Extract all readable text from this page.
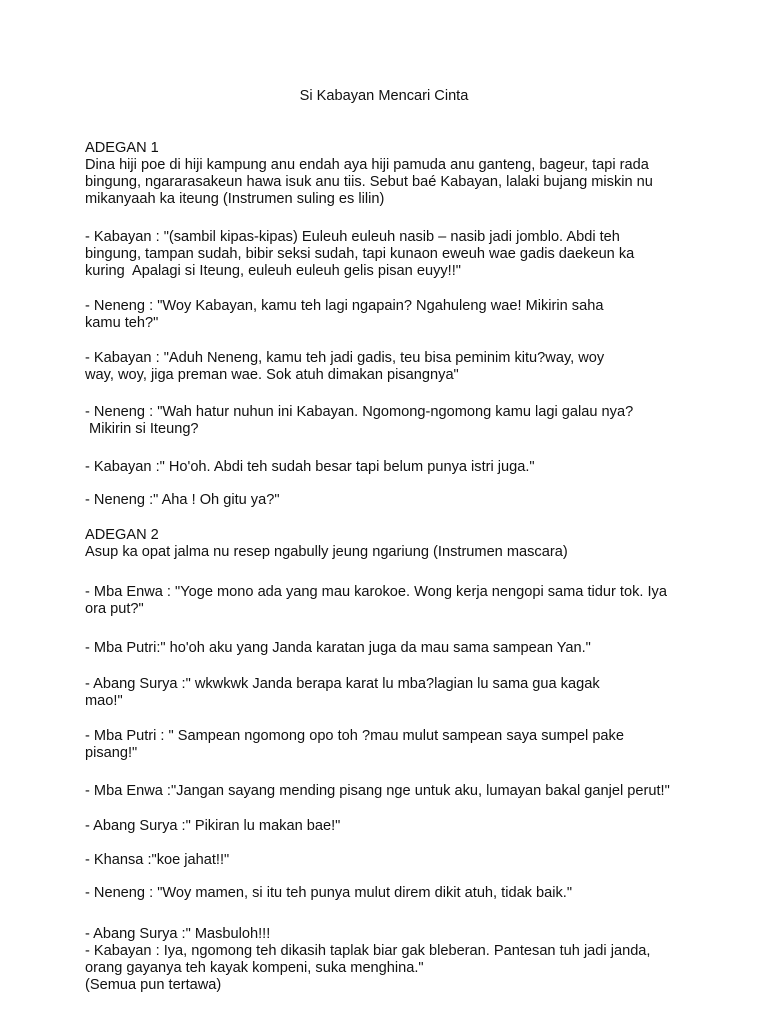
Si Kabayan Mencari Cinta

ADEGAN 1
Dina hiji poe di hiji kampung anu endah aya hiji pamuda anu ganteng, bageur, tapi rada
bingung, ngararasakeun hawa isuk anu tiis. Sebut baé Kabayan, lalaki bujang miskin nu
mikanyaah ka iteung (Instrumen suling es lilin)

- Kabayan : "(sambil kipas-kipas) Euleuh euleuh nasib – nasib jadi jomblo. Abdi teh
bingung, tampan sudah, bibir seksi sudah, tapi kunaon eweuh wae gadis daekeun ka
kuring  Apalagi si Iteung, euleuh euleuh gelis pisan euyy!!"

- Neneng : "Woy Kabayan, kamu teh lagi ngapain? Ngahuleng wae! Mikirin saha
kamu teh?"

- Kabayan : "Aduh Neneng, kamu teh jadi gadis, teu bisa peminim kitu?way, woy
way, woy, jiga preman wae. Sok atuh dimakan pisangnya"

- Neneng : "Wah hatur nuhun ini Kabayan. Ngomong-ngomong kamu lagi galau nya?
Mikirin si Iteung?

- Kabayan :" Ho'oh. Abdi teh sudah besar tapi belum punya istri juga."

- Neneng :" Aha ! Oh gitu ya?"

ADEGAN 2
Asup ka opat jalma nu resep ngabully jeung ngariung (Instrumen mascara)

- Mba Enwa : "Yoge mono ada yang mau karokoe. Wong kerja nengopi sama tidur tok. Iya
ora put?"

- Mba Putri:" ho'oh aku yang Janda karatan juga da mau sama sampean Yan."

- Abang Surya :" wkwkwk Janda berapa karat lu mba?lagian lu sama gua kagak
mao!"

- Mba Putri : " Sampean ngomong opo toh ?mau mulut sampean saya sumpel pake
pisang!"

- Mba Enwa :"Jangan sayang mending pisang nge untuk aku, lumayan bakal ganjel perut!"

- Abang Surya :" Pikiran lu makan bae!"

- Khansa :"koe jahat!!"

- Neneng : "Woy mamen, si itu teh punya mulut direm dikit atuh, tidak baik."

- Abang Surya :" Masbuloh!!!
- Kabayan : Iya, ngomong teh dikasih taplak biar gak bleberan. Pantesan tuh jadi janda,
orang gayanya teh kayak kompeni, suka menghina."
(Semua pun tertawa)
